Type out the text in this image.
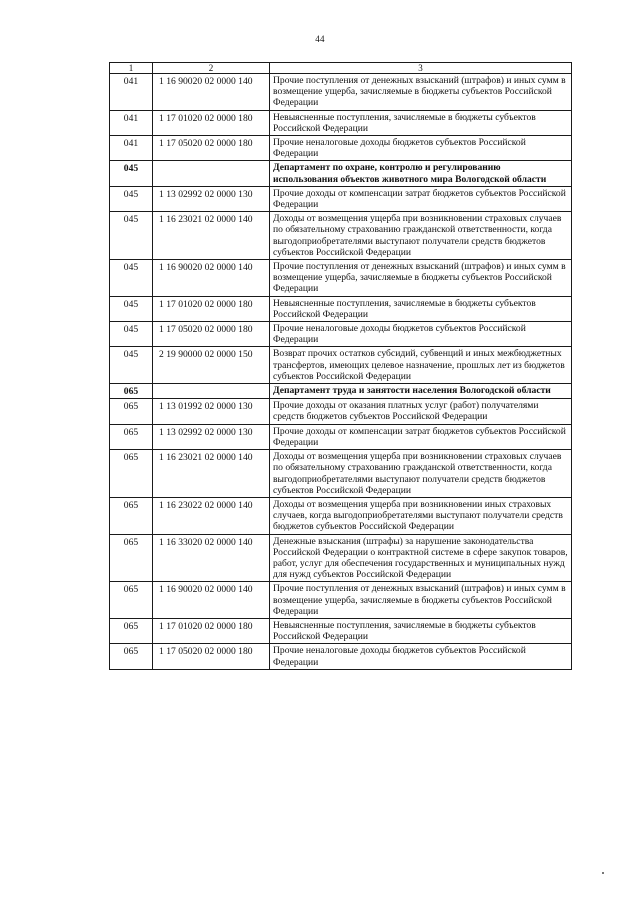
44
1	2	3
041	1 16 90020 02 0000 140	Прочие поступления от денежных взысканий (штрафов) и иных сумм в возмещение ущерба, зачисляемые в бюджеты субъектов Российской Федерации
041	1 17 01020 02 0000 180	Невыясненные поступления, зачисляемые в бюджеты субъектов Российской Федерации
041	1 17 05020 02 0000 180	Прочие неналоговые доходы бюджетов субъектов Российской Федерации
045		Департамент по охране, контролю и регулированию использования объектов животного мира Вологодской области
045	1 13 02992 02 0000 130	Прочие доходы от компенсации затрат бюджетов субъектов Российской Федерации
045	1 16 23021 02 0000 140	Доходы от возмещения ущерба при возникновении страховых случаев по обязательному страхованию гражданской ответственности, когда выгодоприобретателями выступают получатели средств бюджетов субъектов Российской Федерации
045	1 16 90020 02 0000 140	Прочие поступления от денежных взысканий (штрафов) и иных сумм в возмещение ущерба, зачисляемые в бюджеты субъектов Российской Федерации
045	1 17 01020 02 0000 180	Невыясненные поступления, зачисляемые в бюджеты субъектов Российской Федерации
045	1 17 05020 02 0000 180	Прочие неналоговые доходы бюджетов субъектов Российской Федерации
045	2 19 90000 02 0000 150	Возврат прочих остатков субсидий, субвенций и иных межбюджетных трансфертов, имеющих целевое назначение, прошлых лет из бюджетов субъектов Российской Федерации
065		Департамент труда и занятости населения Вологодской области
065	1 13 01992 02 0000 130	Прочие доходы от оказания платных услуг (работ) получателями средств бюджетов субъектов Российской Федерации
065	1 13 02992 02 0000 130	Прочие доходы от компенсации затрат бюджетов субъектов Российской Федерации
065	1 16 23021 02 0000 140	Доходы от возмещения ущерба при возникновении страховых случаев по обязательному страхованию гражданской ответственности, когда выгодоприобретателями выступают получатели средств бюджетов субъектов Российской Федерации
065	1 16 23022 02 0000 140	Доходы от возмещения ущерба при возникновении иных страховых случаев, когда выгодоприобретателями выступают получатели средств бюджетов субъектов Российской Федерации
065	1 16 33020 02 0000 140	Денежные взыскания (штрафы) за нарушение законодательства Российской Федерации о контрактной системе в сфере закупок товаров, работ, услуг для обеспечения государственных и муниципальных нужд для нужд субъектов Российской Федерации
065	1 16 90020 02 0000 140	Прочие поступления от денежных взысканий (штрафов) и иных сумм в возмещение ущерба, зачисляемые в бюджеты субъектов Российской Федерации
065	1 17 01020 02 0000 180	Невыясненные поступления, зачисляемые в бюджеты субъектов Российской Федерации
065	1 17 05020 02 0000 180	Прочие неналоговые доходы бюджетов субъектов Российской Федерации
